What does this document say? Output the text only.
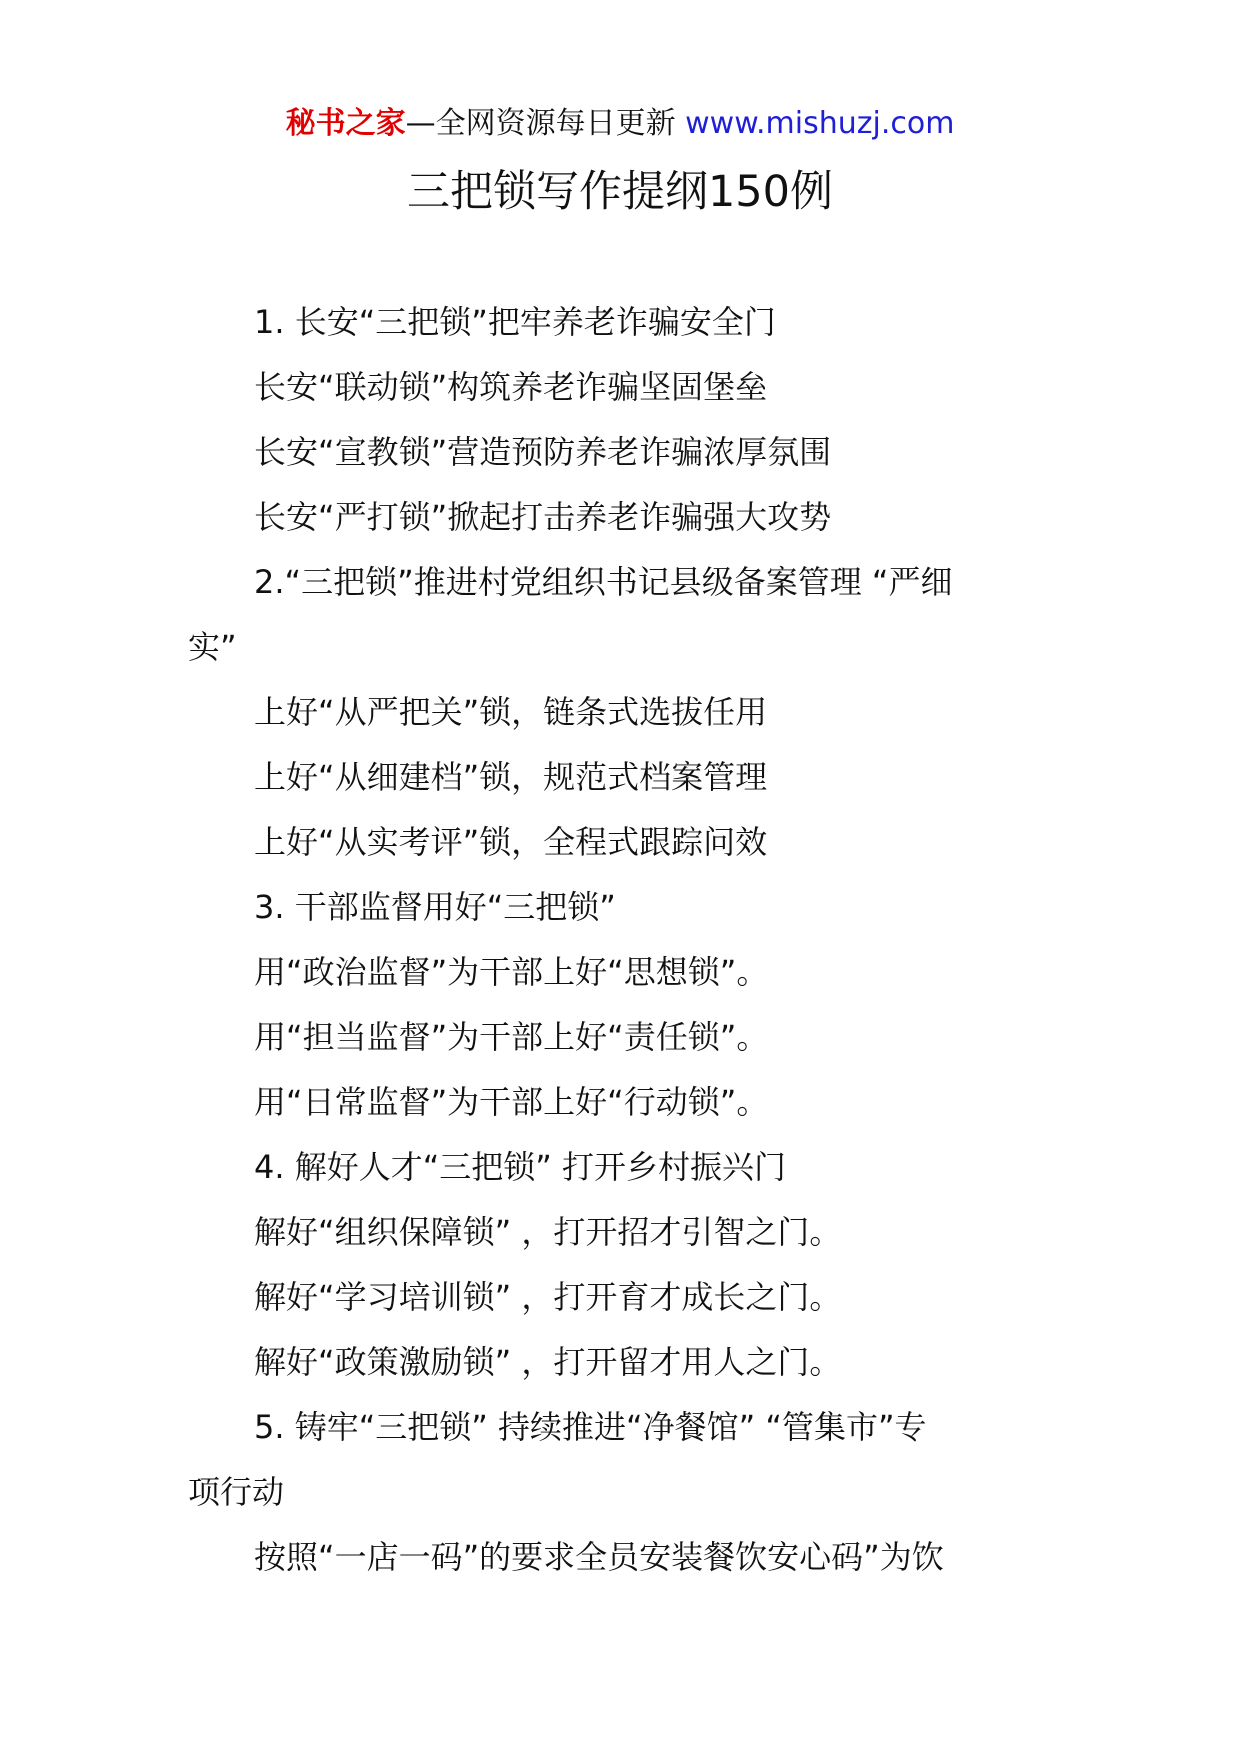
秘书之家—全网资源每日更新 www.mishuzj.com
三把锁写作提纲150例
1. 长安“三把锁”把牢养老诈骗安全门
长安“联动锁”构筑养老诈骗坚固堡垒
长安“宣教锁”营造预防养老诈骗浓厚氛围
长安“严打锁”掀起打击养老诈骗强大攻势
2.“三把锁”推进村党组织书记县级备案管理 “严细
实”
上好“从严把关”锁，链条式选拔任用
上好“从细建档”锁，规范式档案管理
上好“从实考评”锁，全程式跟踪问效
3. 干部监督用好“三把锁”
用“政治监督”为干部上好“思想锁”。
用“担当监督”为干部上好“责任锁”。
用“日常监督”为干部上好“行动锁”。
4. 解好人才“三把锁” 打开乡村振兴门
解好“组织保障锁” ，打开招才引智之门。
解好“学习培训锁” ，打开育才成长之门。
解好“政策激励锁” ，打开留才用人之门。
5. 铸牢“三把锁” 持续推进“净餐馆” “管集市”专
项行动
按照“一店一码”的要求全员安装餐饮安心码”为饮
